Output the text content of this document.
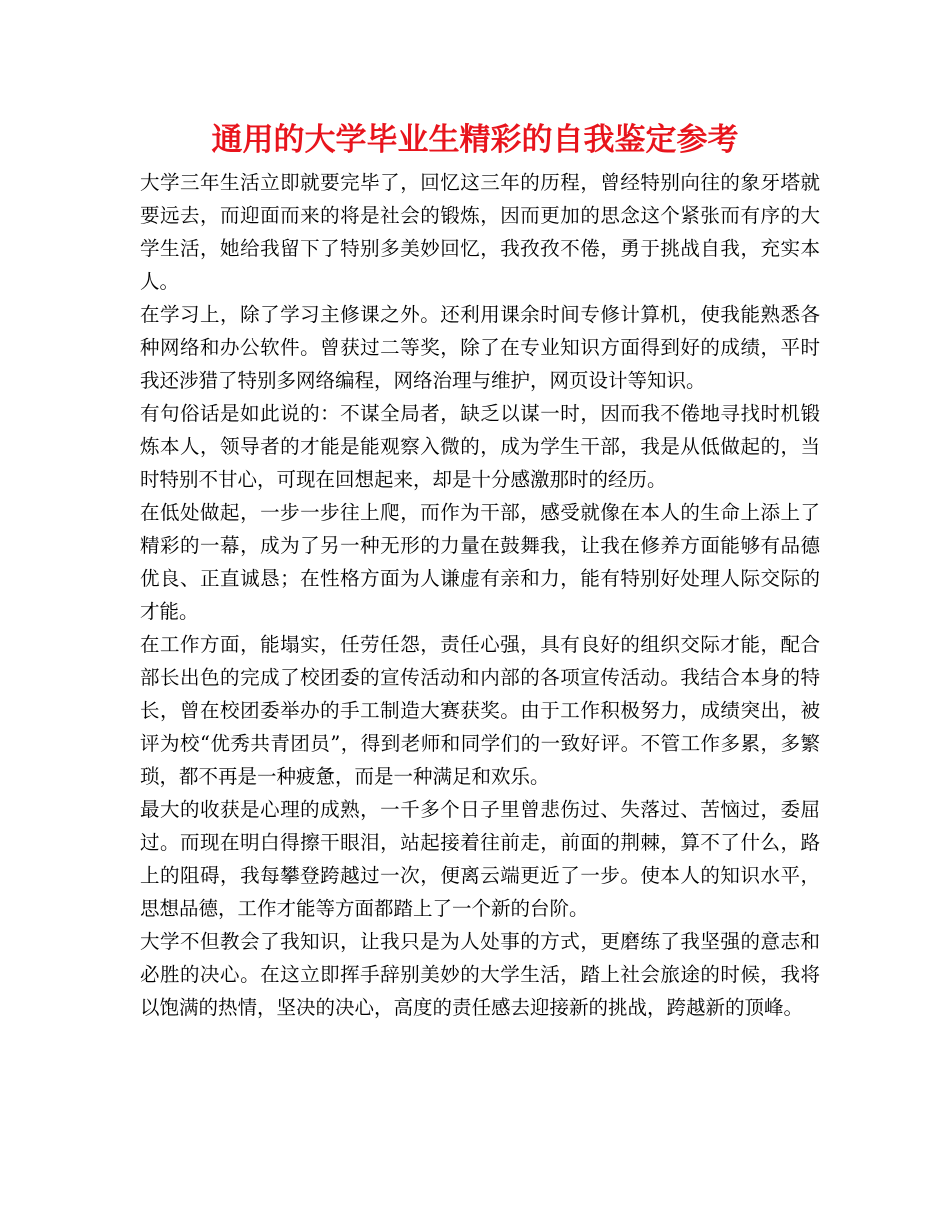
通用的大学毕业生精彩的自我鉴定参考

大学三年生活立即就要完毕了，回忆这三年的历程，曾经特别向往的象牙塔就要远去，而迎面而来的将是社会的锻炼，因而更加的思念这个紧张而有序的大学生活，她给我留下了特别多美妙回忆，我孜孜不倦，勇于挑战自我，充实本人。

在学习上，除了学习主修课之外。还利用课余时间专修计算机，使我能熟悉各种网络和办公软件。曾获过二等奖，除了在专业知识方面得到好的成绩，平时我还涉猎了特别多网络编程，网络治理与维护，网页设计等知识。

有句俗话是如此说的：不谋全局者，缺乏以谋一时，因而我不倦地寻找时机锻炼本人，领导者的才能是能观察入微的，成为学生干部，我是从低做起的，当时特别不甘心，可现在回想起来，却是十分感激那时的经历。

在低处做起，一步一步往上爬，而作为干部，感受就像在本人的生命上添上了精彩的一幕，成为了另一种无形的力量在鼓舞我，让我在修养方面能够有品德优良、正直诚恳；在性格方面为人谦虚有亲和力，能有特别好处理人际交际的才能。

在工作方面，能塌实，任劳任怨，责任心强，具有良好的组织交际才能，配合部长出色的完成了校团委的宣传活动和内部的各项宣传活动。我结合本身的特长，曾在校团委举办的手工制造大赛获奖。由于工作积极努力，成绩突出，被评为校“优秀共青团员”，得到老师和同学们的一致好评。不管工作多累，多繁琐，都不再是一种疲惫，而是一种满足和欢乐。

最大的收获是心理的成熟，一千多个日子里曾悲伤过、失落过、苦恼过，委屈过。而现在明白得擦干眼泪，站起接着往前走，前面的荆棘，算不了什么，路上的阻碍，我每攀登跨越过一次，便离云端更近了一步。使本人的知识水平，思想品德，工作才能等方面都踏上了一个新的台阶。

大学不但教会了我知识，让我只是为人处事的方式，更磨练了我坚强的意志和必胜的决心。在这立即挥手辞别美妙的大学生活，踏上社会旅途的时候，我将以饱满的热情，坚决的决心，高度的责任感去迎接新的挑战，跨越新的顶峰。
